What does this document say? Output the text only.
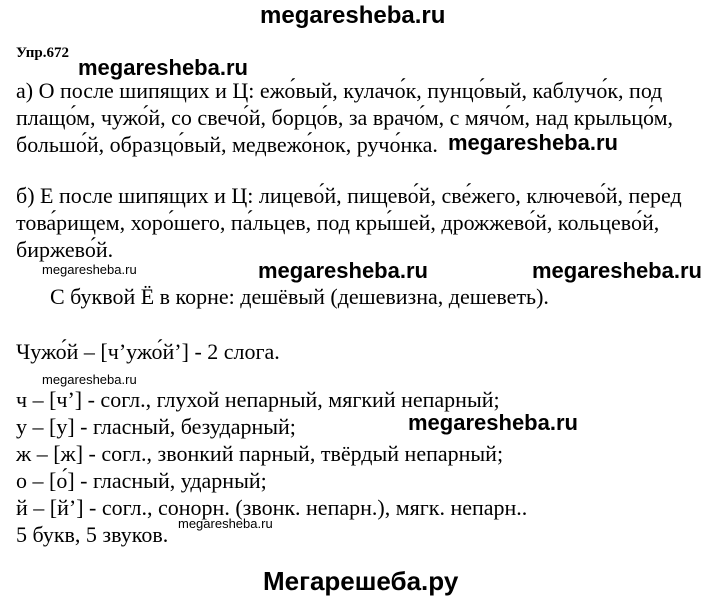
megaresheba.ru
Упр.672
megaresheba.ru
а) О после шипящих и Ц: ежо́вый, кулачо́к, пунцо́вый, каблучо́к, под
плащо́м, чужо́й, со свечо́й, борцо́в, за врачо́м, с мячо́м, над крыльцо́м,
большо́й, образцо́вый, медвежо́нок, ручо́нка. megaresheba.ru
б) Е после шипящих и Ц: лицево́й, пищево́й, све́жего, ключево́й, перед
това́рищем, хоро́шего, па́льцев, под кры́шей, дрожжево́й, кольцево́й,
биржево́й.
megaresheba.ru	megaresheba.ru	megaresheba.ru
С буквой Ё в корне: дешёвый (дешевизна, дешеветь).
Чужо́й – [ч’ужо́й’] - 2 слога.
megaresheba.ru
ч – [ч’] - согл., глухой непарный, мягкий непарный;
у – [у] - гласный, безударный;	megaresheba.ru
ж – [ж] - согл., звонкий парный, твёрдый непарный;
о – [о́] - гласный, ударный;
й – [й’] - согл., сонорн. (звонк. непарн.), мягк. непарн..
5 букв, 5 звуков. megaresheba.ru
Мегарешеба.ру
